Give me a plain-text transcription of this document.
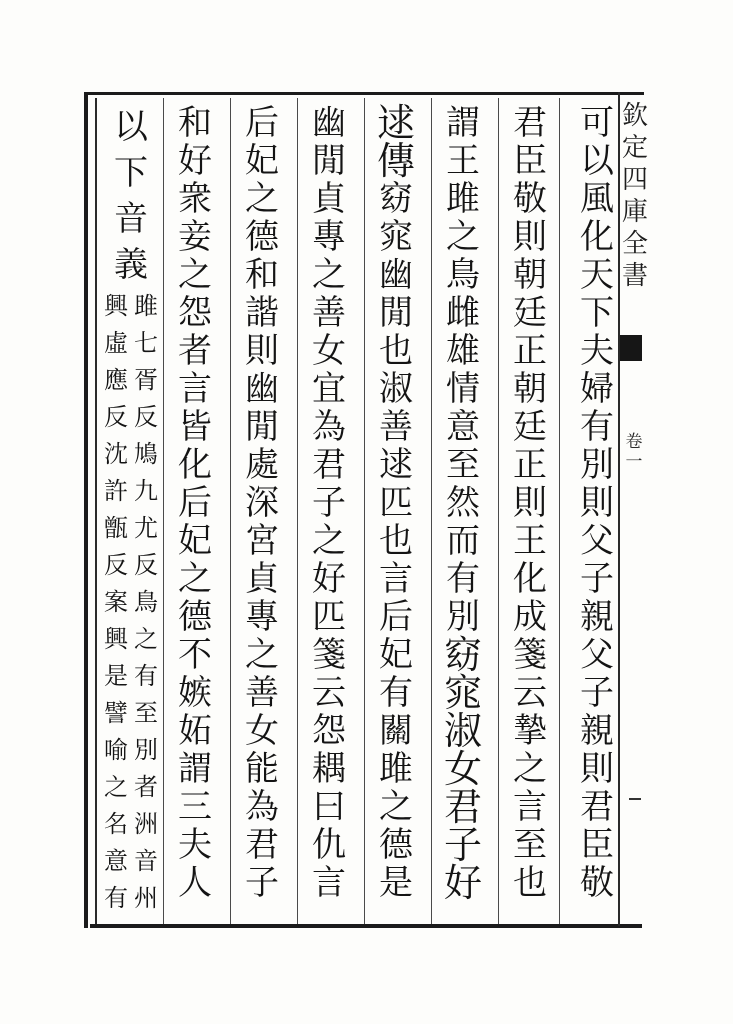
欽
定
四
庫
全
書
卷
一
可
以
風
化
天
下
夫
婦
有
別
則
父
子
親
父
子
親
則
君
臣
敬
君
臣
敬
則
朝
廷
正
朝
廷
正
則
王
化
成
箋
云
摯
之
言
至
也
謂
王
雎
之
鳥
雌
雄
情
意
至
然
而
有
別
窈
窕
淑
女
君
子
好
逑
傳
窈
窕
幽
閒
也
淑
善
逑
匹
也
言
后
妃
有
關
雎
之
德
是
幽
閒
貞
專
之
善
女
宜
為
君
子
之
好
匹
箋
云
怨
耦
曰
仇
言
后
妃
之
德
和
諧
則
幽
閒
處
深
宮
貞
專
之
善
女
能
為
君
子
和
好
衆
妾
之
怨
者
言
皆
化
后
妃
之
德
不
嫉
妬
謂
三
夫
人
以
下
音
義
興 雎
虛 七
應 胥
反 反
沈 鳩
許 九
甑 尤
反 反
案 鳥
興 之
是 有
譬 至
喻 別
之 者
名 洲
意 音
有 州
